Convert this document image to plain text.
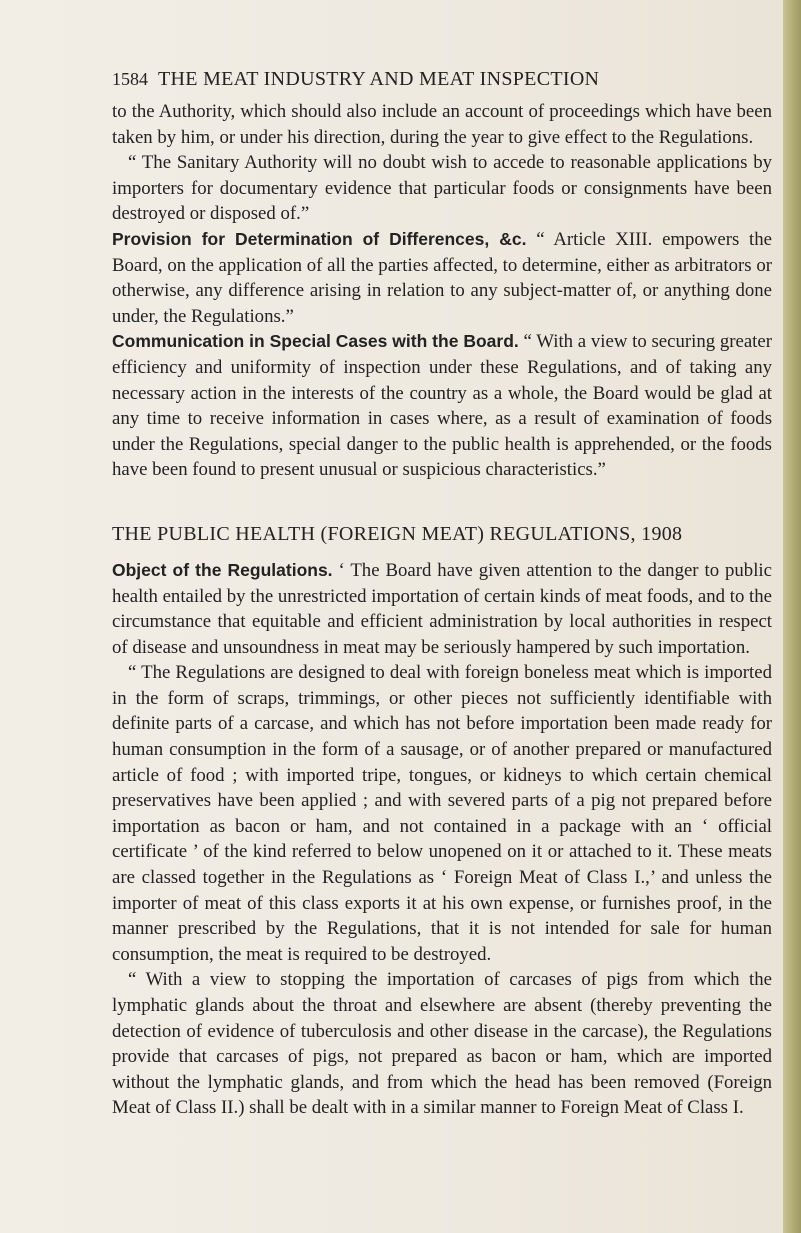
1584 THE MEAT INDUSTRY AND MEAT INSPECTION

to the Authority, which should also include an account of proceedings which have been taken by him, or under his direction, during the year to give effect to the Regulations.

“ The Sanitary Authority will no doubt wish to accede to reasonable applications by importers for documentary evidence that particular foods or consignments have been destroyed or disposed of.”

Provision for Determination of Differences, &c. “ Article XIII. empowers the Board, on the application of all the parties affected, to determine, either as arbitrators or otherwise, any difference arising in relation to any subject-matter of, or anything done under, the Regulations.”

Communication in Special Cases with the Board. “ With a view to securing greater efficiency and uniformity of inspection under these Regulations, and of taking any necessary action in the interests of the country as a whole, the Board would be glad at any time to receive information in cases where, as a result of examination of foods under the Regulations, special danger to the public health is apprehended, or the foods have been found to present unusual or suspicious characteristics.”

THE PUBLIC HEALTH (FOREIGN MEAT) REGULATIONS, 1908

Object of the Regulations. ‘ The Board have given attention to the danger to public health entailed by the unrestricted importation of certain kinds of meat foods, and to the circumstance that equitable and efficient administration by local authorities in respect of disease and unsoundness in meat may be seriously hampered by such importation.

“ The Regulations are designed to deal with foreign boneless meat which is imported in the form of scraps, trimmings, or other pieces not sufficiently identifiable with definite parts of a carcase, and which has not before importation been made ready for human consumption in the form of a sausage, or of another prepared or manufactured article of food ; with imported tripe, tongues, or kidneys to which certain chemical preservatives have been applied ; and with severed parts of a pig not prepared before importation as bacon or ham, and not contained in a package with an ‘ official certificate ’ of the kind referred to below unopened on it or attached to it. These meats are classed together in the Regulations as ‘ Foreign Meat of Class I.,’ and unless the importer of meat of this class exports it at his own expense, or furnishes proof, in the manner prescribed by the Regulations, that it is not intended for sale for human consumption, the meat is required to be destroyed.

“ With a view to stopping the importation of carcases of pigs from which the lymphatic glands about the throat and elsewhere are absent (thereby preventing the detection of evidence of tuberculosis and other disease in the carcase), the Regulations provide that carcases of pigs, not prepared as bacon or ham, which are imported without the lymphatic glands, and from which the head has been removed (Foreign Meat of Class II.) shall be dealt with in a similar manner to Foreign Meat of Class I.
